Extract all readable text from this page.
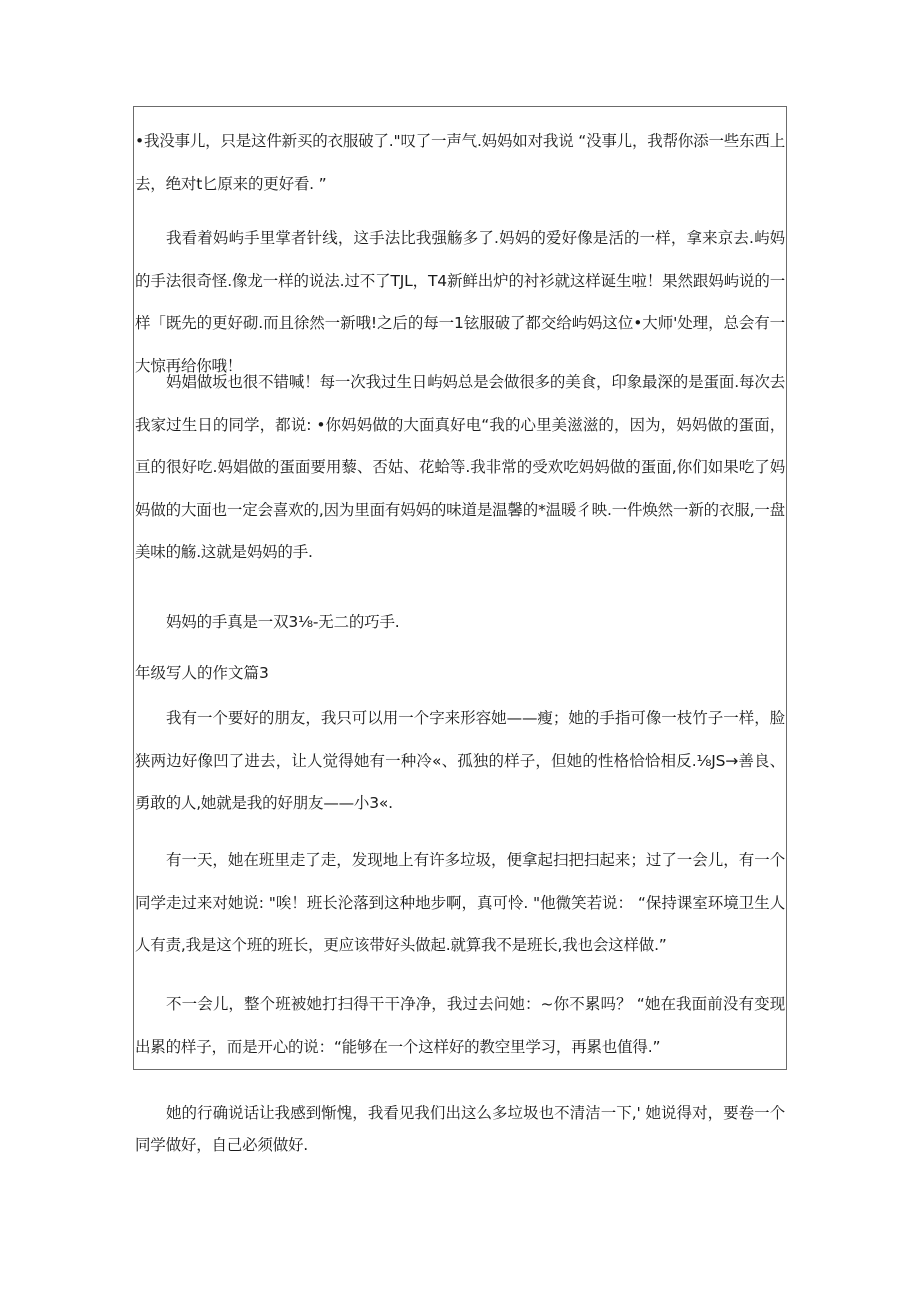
•我没事儿，只是这件新买的衣服破了."叹了一声气.妈妈如对我说 “没事儿，我帮你添一些东西上去，绝对t匕原来的更好看. ”

我看着妈屿手里掌者针线，这手法比我强觞多了.妈妈的爱好像是活的一样，拿来京去.屿妈的手法很奇怪.像龙一样的说法.过不了TJL，T4新鲜出炉的衬衫就这样诞生啦！果然跟妈屿说的一样「既先的更好砌.而且徐然一新哦!之后的每一1铉服破了都交给屿妈这位•大师'处理，总会有一大惊再给你哦！

妈娼做坂也很不错喊！每一次我过生日屿妈总是会做很多的美食，印象最深的是蛋面.每次去我家过生日的同学，都说: •你妈妈做的大面真好电“我的心里美滋滋的，因为，妈妈做的蛋面，亘的很好吃.妈娼做的蛋面要用藜、否姑、花蛤等.我非常的受欢吃妈妈做的蛋面,你们如果吃了妈妈做的大面也一定会喜欢的,因为里面有妈妈的味道是温馨的*温暖彳映.一件焕然一新的衣服,一盘美味的觞.这就是妈妈的手.

妈妈的手真是一双3⅛-无二的巧手.

年级写人的作文篇3

我有一个要好的朋友，我只可以用一个字来形容她——瘦；她的手指可像一枝竹子一样，脸狭两边好像凹了进去，让人觉得她有一种冷«、孤独的样子，但她的性格恰恰相反.⅛JS→善良、勇敢的人,她就是我的好朋友——小3«.

有一天，她在班里走了走，发现地上有许多垃圾，便拿起扫把扫起来；过了一会儿，有一个同学走过来对她说: "唉！班长沦落到这种地步啊，真可怜. "他微笑若说： “保持课室环境卫生人人有责,我是这个班的班长，更应该带好头做起.就算我不是班长,我也会这样做.”

不一会儿，整个班被她打扫得干干净净，我过去问她：~你不累吗？ “她在我面前没有变现出累的样子，而是开心的说：“能够在一个这样好的教空里学习，再累也值得.”

她的行确说话让我感到惭愧，我看见我们出这么多垃圾也不清洁一下,' 她说得对，要卷一个同学做好，自己必须做好.
